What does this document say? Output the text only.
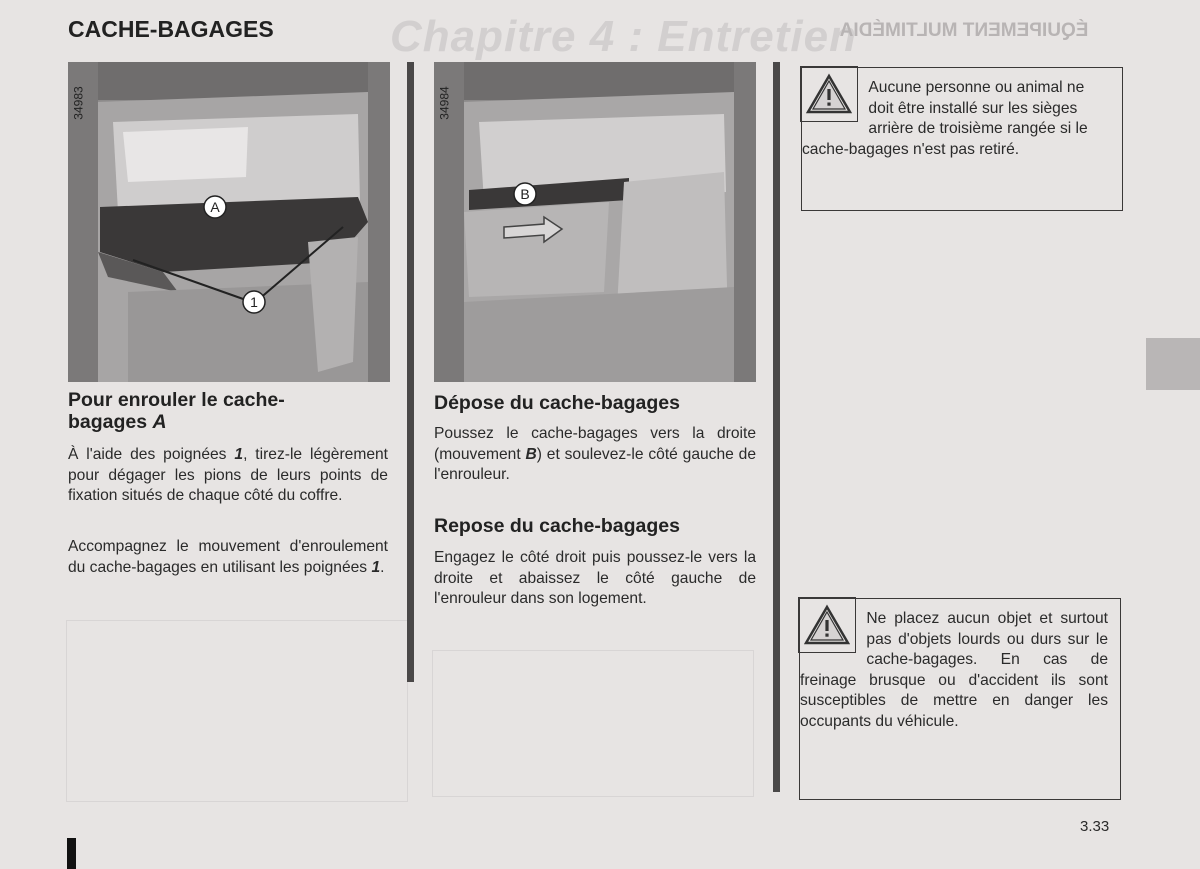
Chapitre 4 : Entretien
ÉQUIPEMENT MULTIMÉDIA
CACHE-BAGAGES
A
1
34983
B
34984
Pour enrouler le cache-
bagages A

À l'aide des poignées 1, tirez-le légèrement pour dégager les pions de leurs points de fixation situés de chaque côté du coffre.

Accompagnez le mouvement d'enroulement du cache-bagages en utilisant les poignées 1.

Dépose du cache-bagages

Poussez le cache-bagages vers la droite (mouvement B) et soulevez-le côté gauche de l'enrouleur.

Repose du cache-bagages

Engagez le côté droit puis poussez-le vers la droite et abaissez le côté gauche de l'enrouleur dans son logement.

Aucune personne ou animal ne doit être installé sur les sièges arrière de troisième rangée si le cache-bagages n'est pas retiré.

Ne placez aucun objet et surtout pas d'objets lourds ou durs sur le cache-bagages. En cas de freinage brusque ou d'accident ils sont susceptibles de mettre en danger les occupants du véhicule.

3.33
